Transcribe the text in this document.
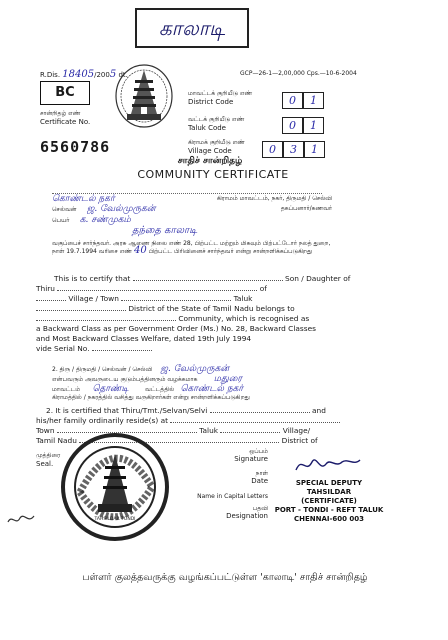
காலாடி
GCP—26-1—2,00,000 Cps.—10-6-2004
R.Dis. 18405/2005 dt.
BC
சான்றிதழ் எண்
Certificate No.
6560786
மாவட்டக் குறியீடு எண்
District Code
வட்டக் குறியீடு எண்
Taluk Code
கிராமக் குறியீடு எண்
Village Code
0	1
0	1
0	3	1
சாதிச் சான்றிதழ்
COMMUNITY CERTIFICATE
கொண்டல் நகர்	கிராமம் மாவட்டம், நகர், திருமதி / செல்வி
செல்வன் ஜ. வேல்முருகன்	தகப்பனார்/கணவர்
பெயர் க. சண்முகம்
தந்தை காலாடி
வகுப்பைச் சார்ந்தவர். அரசு ஆணை நிலை எண் 28, பிற்பட்ட மற்றும் மிகவும் பிற்பட்டோர் நலத் துறை, நாள் 19.7.1994 வரிசை எண் 40 பிற்பட்ட பிரிவினைச் சார்ந்தவர் என்று சான்றளிக்கப்படுகிறது
This is to certify that	Son / Daughter of
Thiru	of
Village / Town	Taluk
District of the State of Tamil Nadu belongs to
Community, which is recognised as
a Backward Class as per Government Order (Ms.) No. 28, Backward Classes
and Most Backward Classes Welfare, dated 19th July 1994
vide Serial No.
2. திரு / திருமதி / செல்வன் / செல்வி ஜ. வேல்முருகன்
என்பவரும் அவருடைய குடும்பத்தினரும் வழக்கமாக மதுரை
மாவட்டம் தொண்டி	வட்டத்தில் கொண்டல் நகர்
கிராமத்தில் / நகரத்தில் வசித்து வருகிறார்கள் என்று சான்றளிக்கப்படுகிறது
2. It is certified that Thiru/Tmt./Selvan/Selvi	and
his/her family ordinarily reside(s) at
Town	Taluk	Village/
Tamil Nadu	District of
முத்திரை
Seal.
TAHSILDAR TONDI
ஒப்பம்
Signature
நாள்
Date
Name in Capital Letters
பதவி
Designation
SPECIAL DEPUTY TAHSILDAR
(CERTIFICATE)
PORT - TONDI - REFT TALUK
CHENNAI-600 003
பள்ளர் குலத்தவருக்கு வழங்கப்பட்டுள்ள 'காலாடி' சாதிச் சான்றிதழ்
